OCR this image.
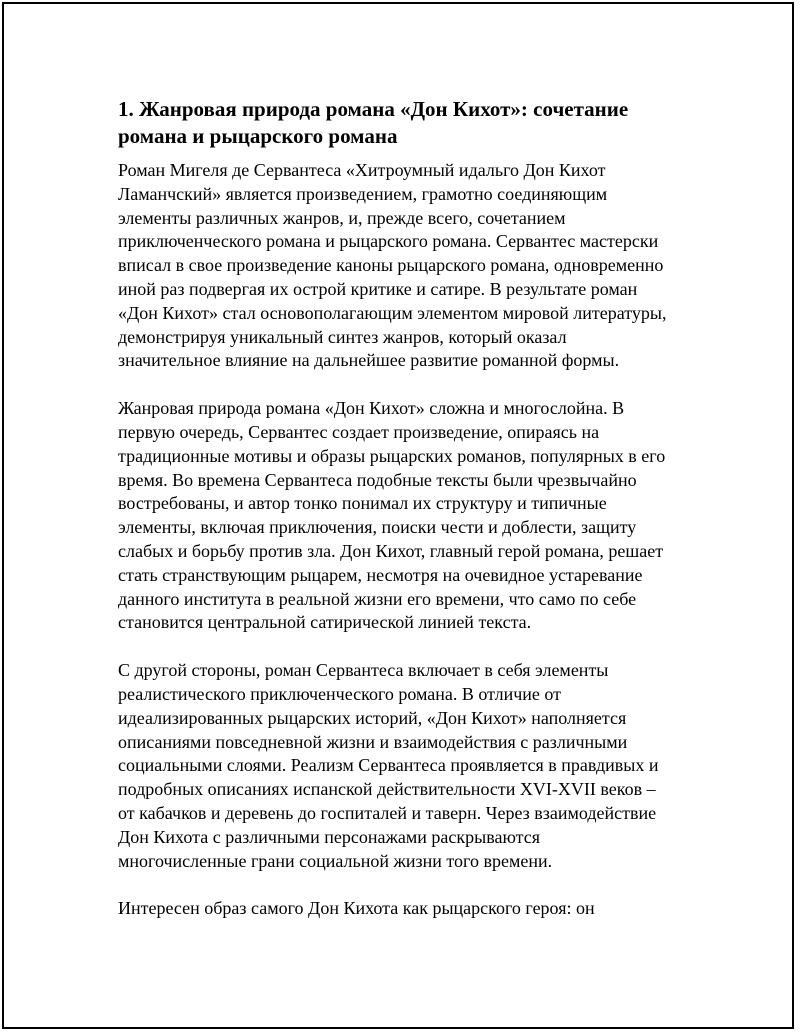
1. Жанровая природа романа «Дон Кихот»: сочетание
романа и рыцарского романа

Роман Мигеля де Сервантеса «Хитроумный идальго Дон Кихот
Ламанчский» является произведением, грамотно соединяющим
элементы различных жанров, и, прежде всего, сочетанием
приключенческого романа и рыцарского романа. Сервантес мастерски
вписал в свое произведение каноны рыцарского романа, одновременно
иной раз подвергая их острой критике и сатире. В результате роман
«Дон Кихот» стал основополагающим элементом мировой литературы,
демонстрируя уникальный синтез жанров, который оказал
значительное влияние на дальнейшее развитие романной формы.

Жанровая природа романа «Дон Кихот» сложна и многослойна. В
первую очередь, Сервантес создает произведение, опираясь на
традиционные мотивы и образы рыцарских романов, популярных в его
время. Во времена Сервантеса подобные тексты были чрезвычайно
востребованы, и автор тонко понимал их структуру и типичные
элементы, включая приключения, поиски чести и доблести, защиту
слабых и борьбу против зла. Дон Кихот, главный герой романа, решает
стать странствующим рыцарем, несмотря на очевидное устаревание
данного института в реальной жизни его времени, что само по себе
становится центральной сатирической линией текста.

С другой стороны, роман Сервантеса включает в себя элементы
реалистического приключенческого романа. В отличие от
идеализированных рыцарских историй, «Дон Кихот» наполняется
описаниями повседневной жизни и взаимодействия с различными
социальными слоями. Реализм Сервантеса проявляется в правдивых и
подробных описаниях испанской действительности XVI-XVII веков –
от кабачков и деревень до госпиталей и таверн. Через взаимодействие
Дон Кихота с различными персонажами раскрываются
многочисленные грани социальной жизни того времени.

Интересен образ самого Дон Кихота как рыцарского героя: он
